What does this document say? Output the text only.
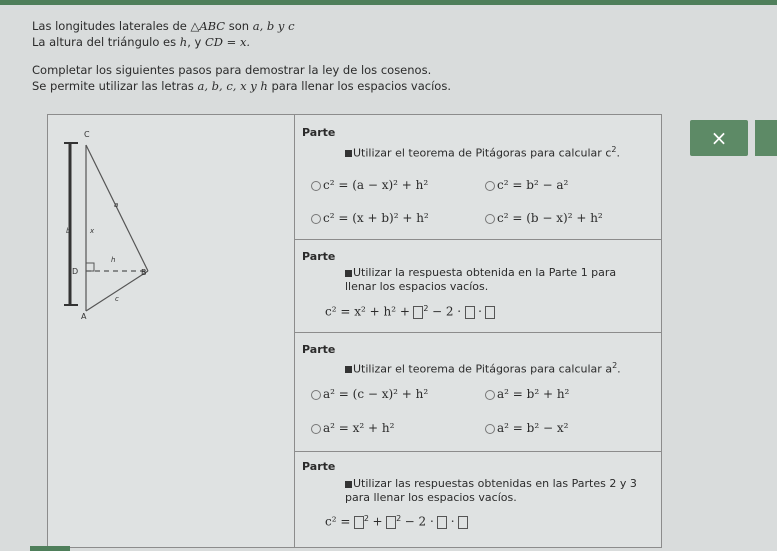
Las longitudes laterales de △ABC son a, b y c

La altura del triángulo es h, y CD = x.

Completar los siguientes pasos para demostrar la ley de los cosenos.

Se permite utilizar las letras a, b, c, x y h para llenar los espacios vacíos.

C
a
b	x
h
D	B
c
A
Parte
Utilizar el teorema de Pitágoras para calcular $c^2$.
c² = (a − x)² + h²	c² = b² − a²
c² = (x + b)² + h²	c² = (b − x)² + h²
Parte
Utilizar la respuesta obtenida en la Parte 1 para llenar los espacios vacíos.
c² = x² + h² + $^2$ − 2 · ·
Parte
Utilizar el teorema de Pitágoras para calcular $a^2$.
a² = (c − x)² + h²	a² = b² + h²
a² = x² + h²	a² = b² − x²
Parte
Utilizar las respuestas obtenidas en las Partes 2 y 3 para llenar los espacios vacíos.
c² = $^2$ + $^2$ − 2 · ·
×
